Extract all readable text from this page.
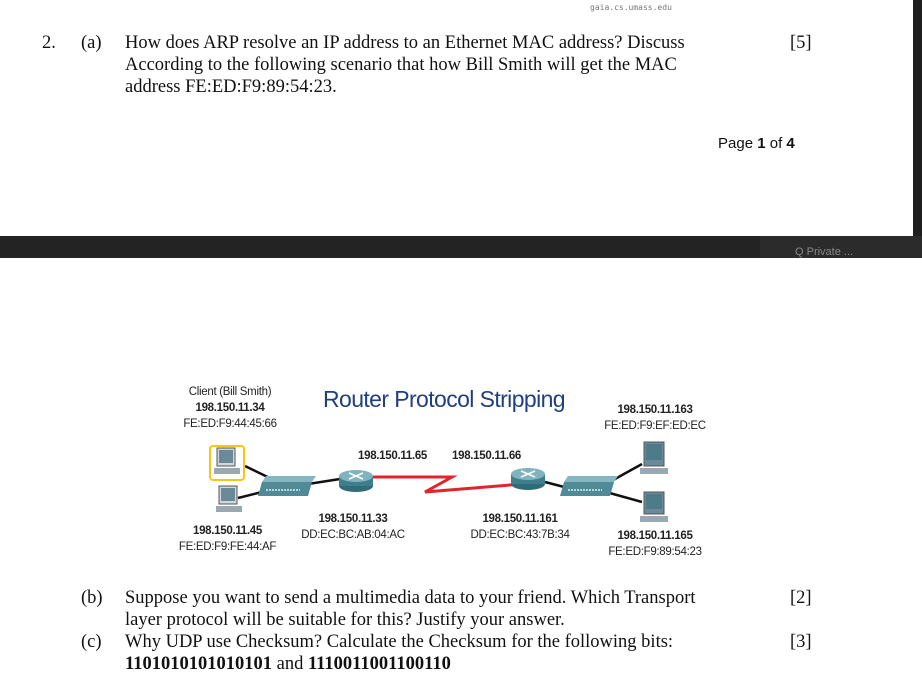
gaia.cs.umass.edu
2. (a) How does ARP resolve an IP address to an Ethernet MAC address? Discuss
According to the following scenario that how Bill Smith will get the MAC
address FE:ED:F9:89:54:23.
[5]
Page 1 of 4
Q Private ...
Router Protocol Stripping
Client (Bill Smith)
198.150.11.34
FE:ED:F9:44:45:66
198.150.11.45
FE:ED:F9:FE:44:AF
198.150.11.65 198.150.11.66
198.150.11.33
DD:EC:BC:AB:04:AC
198.150.11.161
DD:EC:BC:43:7B:34
198.150.11.163
FE:ED:F9:EF:ED:EC
198.150.11.165
FE:ED:F9:89:54:23
(b) Suppose you want to send a multimedia data to your friend. Which Transport
layer protocol will be suitable for this? Justify your answer.
[2]
(c) Why UDP use Checksum? Calculate the Checksum for the following bits:
1101010101010101 and 1110011001100110
[3]
